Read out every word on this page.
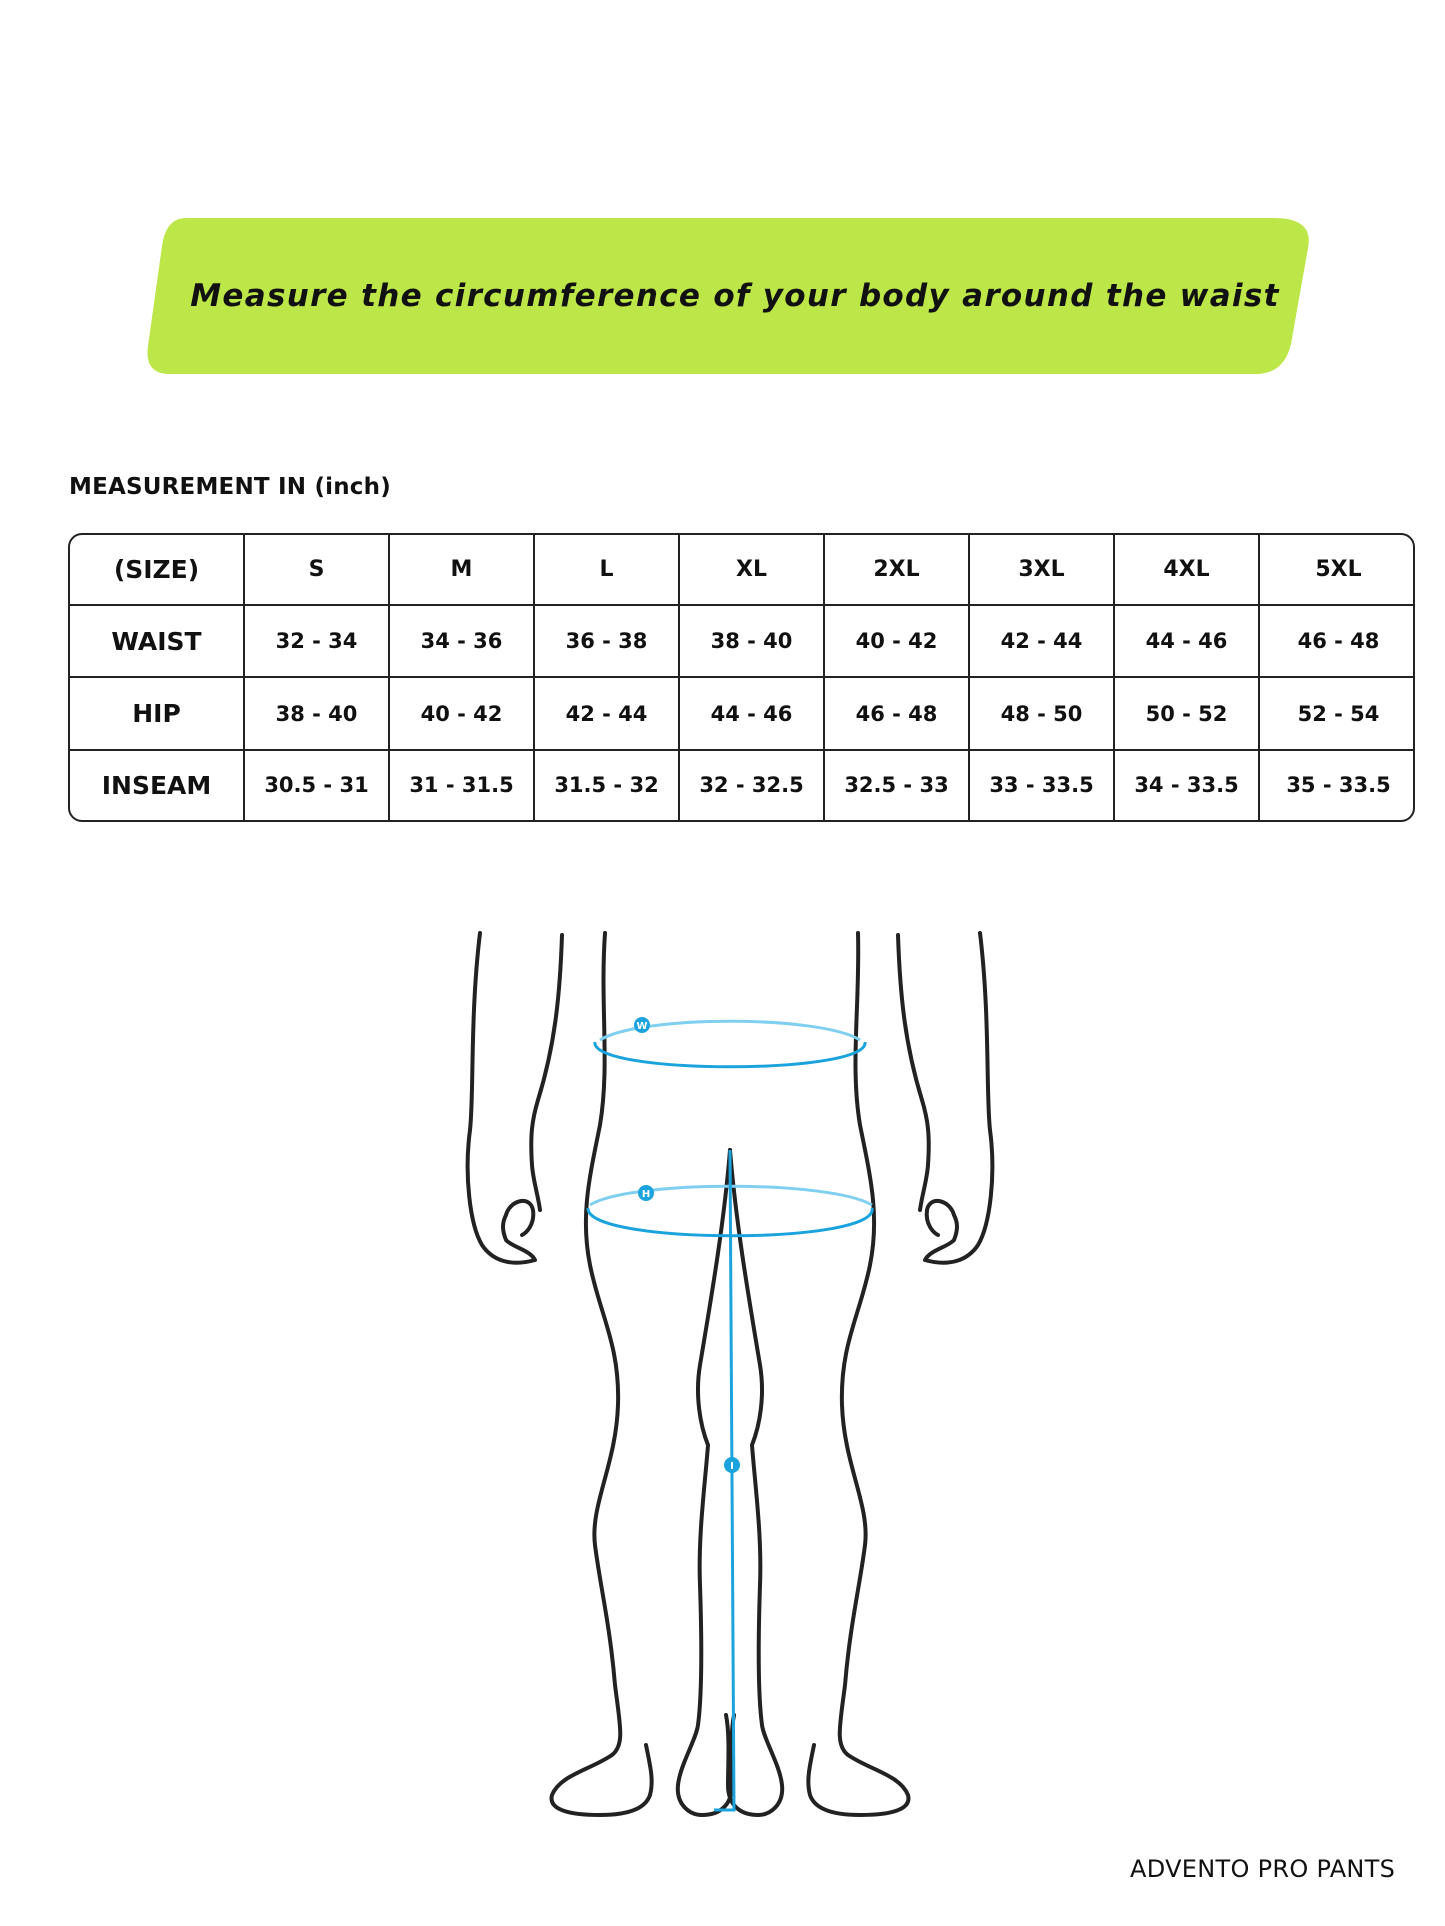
Measure the circumference of your body around the waist
MEASUREMENT IN (inch)
(SIZE)	S	M	L	XL	2XL	3XL	4XL	5XL
WAIST	32 - 34	34 - 36	36 - 38	38 - 40	40 - 42	42 - 44	44 - 46	46 - 48
HIP	38 - 40	40 - 42	42 - 44	44 - 46	46 - 48	48 - 50	50 - 52	52 - 54
INSEAM	30.5 - 31	31 - 31.5	31.5 - 32	32 - 32.5	32.5 - 33	33 - 33.5	34 - 33.5	35 - 33.5
W
H
I
ADVENTO PRO PANTS
